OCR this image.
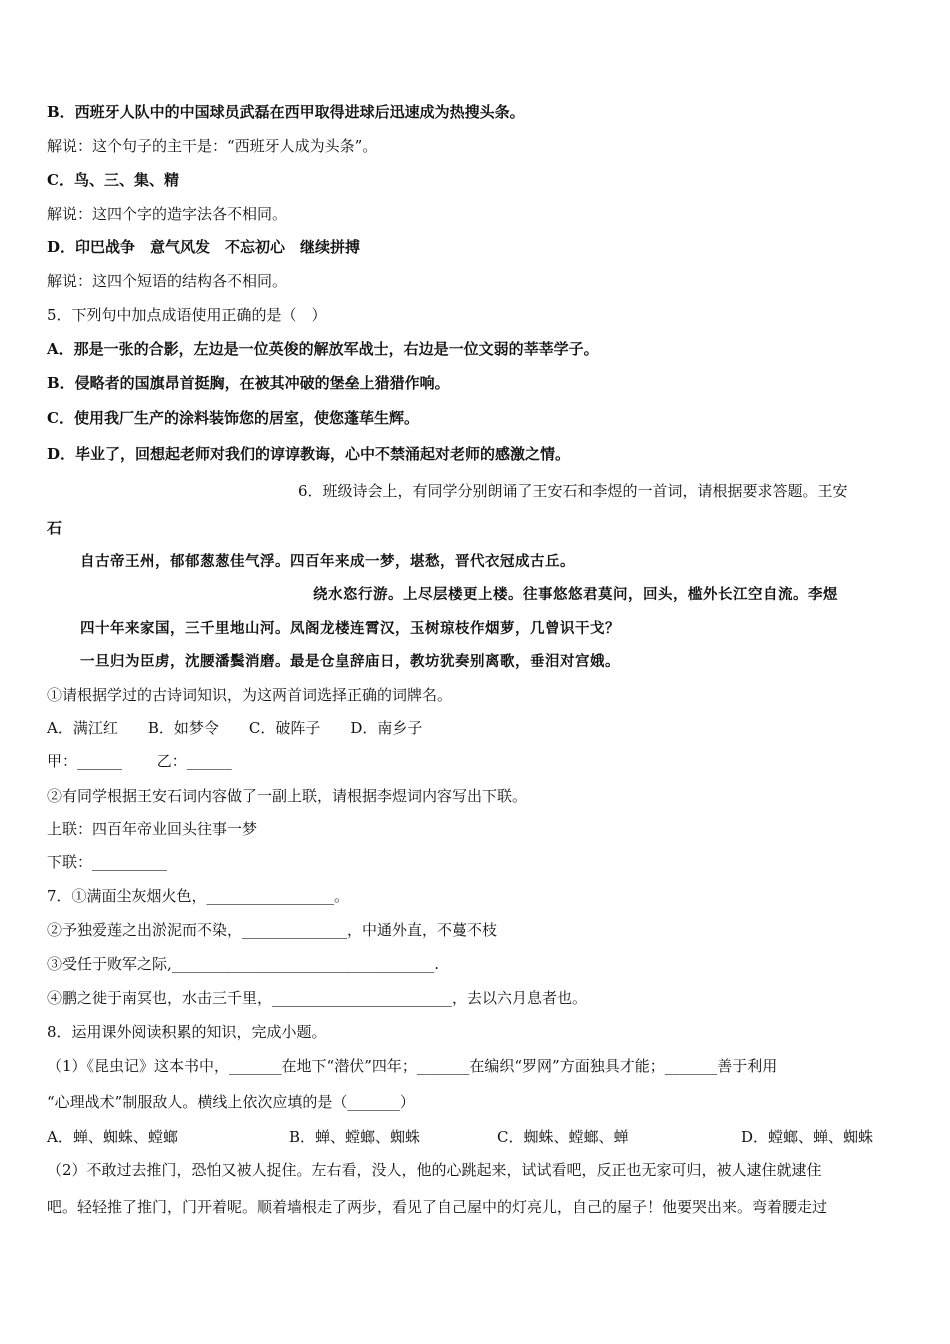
B．西班牙人队中的中国球员武磊在西甲取得进球后迅速成为热搜头条。
解说：这个句子的主干是：“西班牙人成为头条”。
C．鸟、三、集、精
解说：这四个字的造字法各不相同。
D．印巴战争　意气风发　不忘初心　继续拼搏
解说：这四个短语的结构各不相同。
5．下列句中加点成语使用正确的是（　）
A．那是一张的合影，左边是一位英俊的解放军战士，右边是一位文弱的莘莘学子。
B．侵略者的国旗昂首挺胸，在被其冲破的堡垒上猎猎作响。
C．使用我厂生产的涂料装饰您的居室，使您蓬荜生辉。
D．毕业了，回想起老师对我们的谆谆教诲，心中不禁涌起对老师的感激之情。
6．班级诗会上，有同学分别朗诵了王安石和李煜的一首词，请根据要求答题。王安
石
自古帝王州，郁郁葱葱佳气浮。四百年来成一梦，堪愁，晋代衣冠成古丘。
绕水恣行游。上尽层楼更上楼。往事悠悠君莫问，回头，槛外长江空自流。李煜
四十年来家国，三千里地山河。凤阁龙楼连霄汉，玉树琼枝作烟萝，几曾识干戈？
一旦归为臣虏，沈腰潘鬓消磨。最是仓皇辞庙日，教坊犹奏别离歌，垂泪对宫娥。
①请根据学过的古诗词知识，为这两首词选择正确的词牌名。
A．满江红　　B．如梦令　　C．破阵子　　D．南乡子
甲：______　　 乙：______
②有同学根据王安石词内容做了一副上联，请根据李煜词内容写出下联。
上联：四百年帝业回头往事一梦
下联：__________
7．①满面尘灰烟火色，_________________。
②予独爱莲之出淤泥而不染，______________，中通外直，不蔓不枝
③受任于败军之际,___________________________________.
④鹏之徙于南冥也，水击三千里，________________________，去以六月息者也。
8．运用课外阅读积累的知识，完成小题。
（1）《昆虫记》这本书中，_______在地下“潜伏”四年；_______在编织“罗网”方面独具才能；_______善于利用
“心理战术”制服敌人。横线上依次应填的是（_______）
A．蝉、蜘蛛、螳螂	B．蝉、螳螂、蜘蛛	C．蜘蛛、螳螂、蝉	D．螳螂、蝉、蜘蛛
（2）不敢过去推门，恐怕又被人捉住。左右看，没人，他的心跳起来，试试看吧，反正也无家可归，被人逮住就逮住
吧。轻轻推了推门，门开着呢。顺着墙根走了两步，看见了自己屋中的灯亮儿，自己的屋子！他要哭出来。弯着腰走过
